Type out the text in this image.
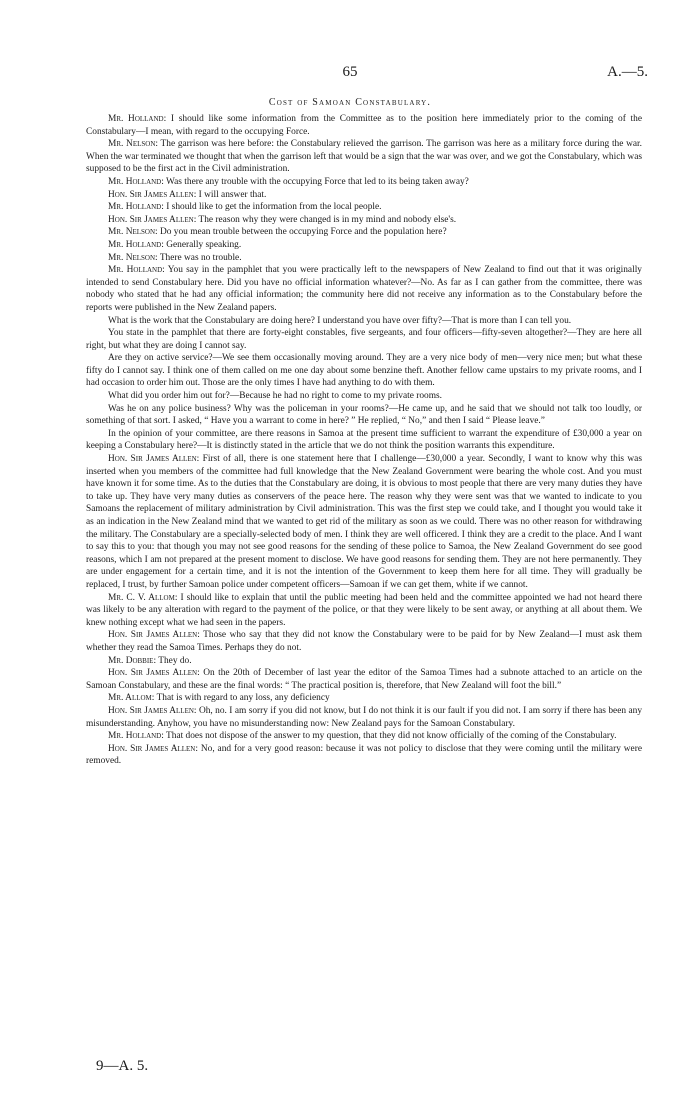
65	A.—5.
Cost of Samoan Constabulary.

Mr. Holland: I should like some information from the Committee as to the position here immediately prior to the coming of the Constabulary—I mean, with regard to the occupying Force.

Mr. Nelson: The garrison was here before: the Constabulary relieved the garrison. The garrison was here as a military force during the war. When the war terminated we thought that when the garrison left that would be a sign that the war was over, and we got the Constabulary, which was supposed to be the first act in the Civil administration.

Mr. Holland: Was there any trouble with the occupying Force that led to its being taken away?

Hon. Sir James Allen: I will answer that.

Mr. Holland: I should like to get the information from the local people.

Hon. Sir James Allen: The reason why they were changed is in my mind and nobody else's.

Mr. Nelson: Do you mean trouble between the occupying Force and the population here?

Mr. Holland: Generally speaking.

Mr. Nelson: There was no trouble.

Mr. Holland: You say in the pamphlet that you were practically left to the newspapers of New Zealand to find out that it was originally intended to send Constabulary here. Did you have no official information whatever?—No. As far as I can gather from the committee, there was nobody who stated that he had any official information; the community here did not receive any information as to the Constabulary before the reports were published in the New Zealand papers.

What is the work that the Constabulary are doing here? I understand you have over fifty?—That is more than I can tell you.

You state in the pamphlet that there are forty-eight constables, five sergeants, and four officers—fifty-seven altogether?—They are here all right, but what they are doing I cannot say.

Are they on active service?—We see them occasionally moving around. They are a very nice body of men—very nice men; but what these fifty do I cannot say. I think one of them called on me one day about some benzine theft. Another fellow came upstairs to my private rooms, and I had occasion to order him out. Those are the only times I have had anything to do with them.

What did you order him out for?—Because he had no right to come to my private rooms.

Was he on any police business? Why was the policeman in your rooms?—He came up, and he said that we should not talk too loudly, or something of that sort. I asked, “ Have you a warrant to come in here? ” He replied, “ No,” and then I said “ Please leave.”

In the opinion of your committee, are there reasons in Samoa at the present time sufficient to warrant the expenditure of £30,000 a year on keeping a Constabulary here?—It is distinctly stated in the article that we do not think the position warrants this expenditure.

Hon. Sir James Allen: First of all, there is one statement here that I challenge—£30,000 a year. Secondly, I want to know why this was inserted when you members of the committee had full knowledge that the New Zealand Government were bearing the whole cost. And you must have known it for some time. As to the duties that the Constabulary are doing, it is obvious to most people that there are very many duties they have to take up. They have very many duties as conservers of the peace here. The reason why they were sent was that we wanted to indicate to you Samoans the replacement of military administration by Civil administration. This was the first step we could take, and I thought you would take it as an indication in the New Zealand mind that we wanted to get rid of the military as soon as we could. There was no other reason for withdrawing the military. The Constabulary are a specially-selected body of men. I think they are well officered. I think they are a credit to the place. And I want to say this to you: that though you may not see good reasons for the sending of these police to Samoa, the New Zealand Government do see good reasons, which I am not prepared at the present moment to disclose. We have good reasons for sending them. They are not here permanently. They are under engagement for a certain time, and it is not the intention of the Government to keep them here for all time. They will gradually be replaced, I trust, by further Samoan police under competent officers—Samoan if we can get them, white if we cannot.

Mr. C. V. Allom: I should like to explain that until the public meeting had been held and the committee appointed we had not heard there was likely to be any alteration with regard to the payment of the police, or that they were likely to be sent away, or anything at all about them. We knew nothing except what we had seen in the papers.

Hon. Sir James Allen: Those who say that they did not know the Constabulary were to be paid for by New Zealand—I must ask them whether they read the Samoa Times. Perhaps they do not.

Mr. Dobbie: They do.

Hon. Sir James Allen: On the 20th of December of last year the editor of the Samoa Times had a subnote attached to an article on the Samoan Constabulary, and these are the final words: “ The practical position is, therefore, that New Zealand will foot the bill.”

Mr. Allom: That is with regard to any loss, any deficiency

Hon. Sir James Allen: Oh, no. I am sorry if you did not know, but I do not think it is our fault if you did not. I am sorry if there has been any misunderstanding. Anyhow, you have no misunderstanding now: New Zealand pays for the Samoan Constabulary.

Mr. Holland: That does not dispose of the answer to my question, that they did not know officially of the coming of the Constabulary.

Hon. Sir James Allen: No, and for a very good reason: because it was not policy to disclose that they were coming until the military were removed.

9—A. 5.
